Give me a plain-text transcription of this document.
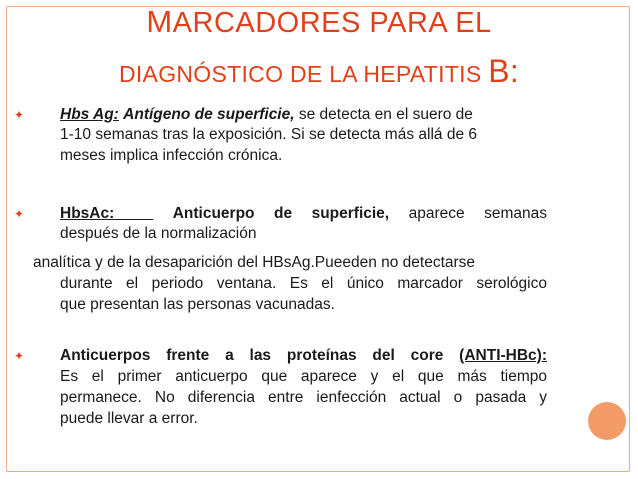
MARCADORES PARA EL
DIAGNÓSTICO DE LA HEPATITIS B:
✦ Hbs Ag: Antígeno de superficie, se detecta en el suero de
1-10 semanas tras la exposición. Si se detecta más allá de 6
meses implica infección crónica.
✦ HbsAc:	Anticuerpo de superficie, aparece semanas
después de la normalización
analítica y de la desaparición del HBsAg.Pueeden no detectarse
durante el periodo ventana. Es el único marcador serológico
que presentan las personas vacunadas.
✦ Anticuerpos frente a las proteínas del core (ANTI-HBc):
Es el primer anticuerpo que aparece y el que más tiempo
permanece. No diferencia entre ienfección actual o pasada y
puede llevar a error.
